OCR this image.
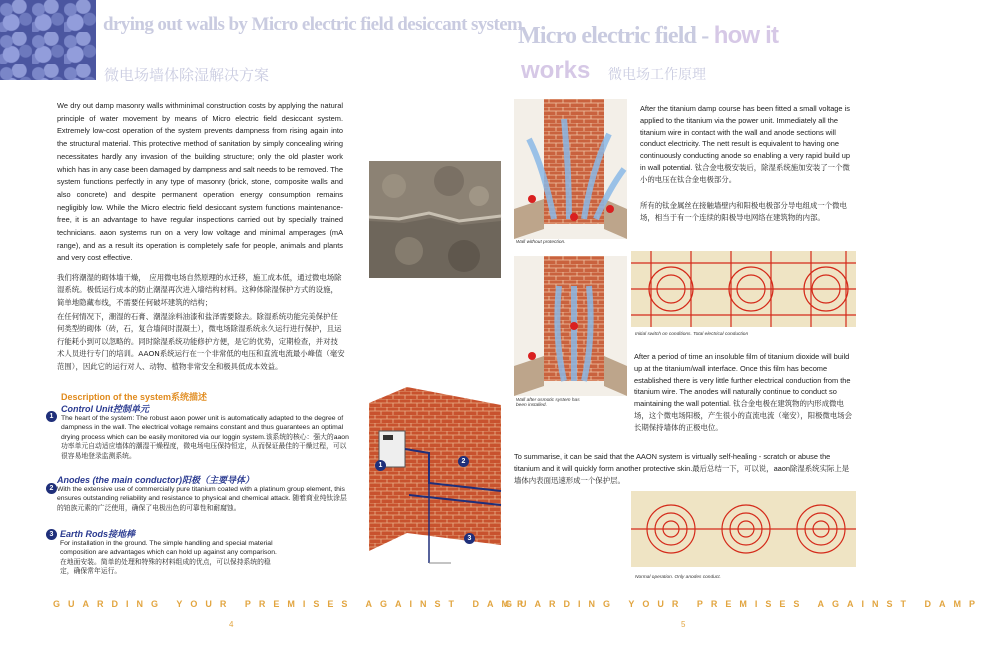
drying out walls by Micro electric field desiccant system
微电场墙体除湿解决方案
Micro electric field - how it
works 微电场工作原理
We dry out damp masonry walls withminimal construction costs by applying the natural principle of water movement by means of Micro electric field desiccant system. Extremely low-cost operation of the system prevents dampness from rising again into the structural material. This protective method of sanitation by simply concealing wiring necessitates hardly any invasion of the building structure; only the old plaster work which has in any case been damaged by dampness and salt needs to be removed. The system functions perfectly in any type of masonry (brick, stone, composite walls and also concrete) and despite permanent operation energy consumption remains negligibly low. While the Micro electric field desiccant system functions maintenance-free, it is an advantage to have regular inspections carried out by specially trained technicians. aaon systems run on a very low voltage and minimal amperages (mA range), and as a result its operation is completely safe for people, animals and plants and very cost effective.
我们将潮湿的砌体墙干燥，　应用微电场自然原理的水迁移，施工成本低，通过微电场除湿系统。极低运行成本的防止潮湿再次进入墙结构材料。这种体除湿保护方式的设施，简单地隐藏布线，不需要任何破坏建筑的结构；
在任何情况下，潮湿的石膏、潮湿涂料油漆和盐泽需要除去。除湿系统功能完美保护任何类型的砌体（砖，石，复合墙间时混凝土），微电场除湿系统永久运行进行保护，且运行能耗小到可以忽略的。同时除湿系统功能修护方便，是它的优势，定期检查，并对技术人员进行专门的培训。AAON系统运行在一个非常低的电压和直流电流最小峰值（毫安范围），因此它的运行对人、动物、植物非常安全和极具低成本效益。
Description of the system系统描述
1
Control Unit控制单元
The heart of the system: The robust aaon power unit is automatically adapted to the degree of dampness in the wall. The electrical voltage remains constant and thus guarantees an optimal drying process which can be easily monitored via our loggin system.该系统的核心：强大的aaon功率单元自动适应墙体的潮湿干燥程度，微电场电压保持恒定，从而保证最佳的干燥过程，可以很容易地登录监测系统。
2
Anodes (the main conductor)阳极（主要导体）
With the extensive use of commercially pure titanium coated with a platinum group element, this ensures outstanding reliability and resistance to physical and chemical attack. 随着商业纯钛涂层的铂族元素的广泛使用，确保了电极出色的可靠性和耐腐蚀。
3 Earth Rods接地棒
For installation in the ground. The simple handling and special material composition are advantages which can hold up against any comparison.在地面安装。简单的处理和特殊的材料组成的优点，可以保持系统的稳定，确保常年运行。
1
2
3
GUARDING YOUR PREMISES AGAINST DAMP
4
Wall without protection.
Wall after osmotic system has been installed.
Initial switch on conditions. Total electrical conduction
Normal operation. Only anodes conduct.
After the titanium damp course has been fitted a small voltage is applied to the titanium via the power unit. Immediately all the titanium wire in contact with the wall and anode sections will conduct electricity. The nett result is equivalent to having one continuously conducting anode so enabling a very rapid build up in wall potential. 钛合金电极安装后，除湿系统施加安装了一个微小的电压在钛合金电极部分。
所有的钛金属丝在接触墙壁内和阳极电极部分导电组成一个微电场，相当于有一个连续的阳极导电网络在建筑物的内部。
After a period of time an insoluble film of titanium dioxide will build up at the titanium/wall interface. Once this film has become established there is very little further electrical conduction from the titanium wire. The anodes will naturally continue to conduct so maintaining the wall potential. 钛合金电极在建筑物的内形成微电场，这个微电场阳极，产生很小的直流电流（毫安），阳极微电场会长期保持墙体的正极电位。
To summarise, it can be said that the AAON system is virtually self-healing - scratch or abuse the titanium and it will quickly form another protective skin.最后总结一下，可以说，aaon除湿系统实际上是墙体内表面迅速形成一个保护层。
GUARDING YOUR PREMISES AGAINST DAMP
5
